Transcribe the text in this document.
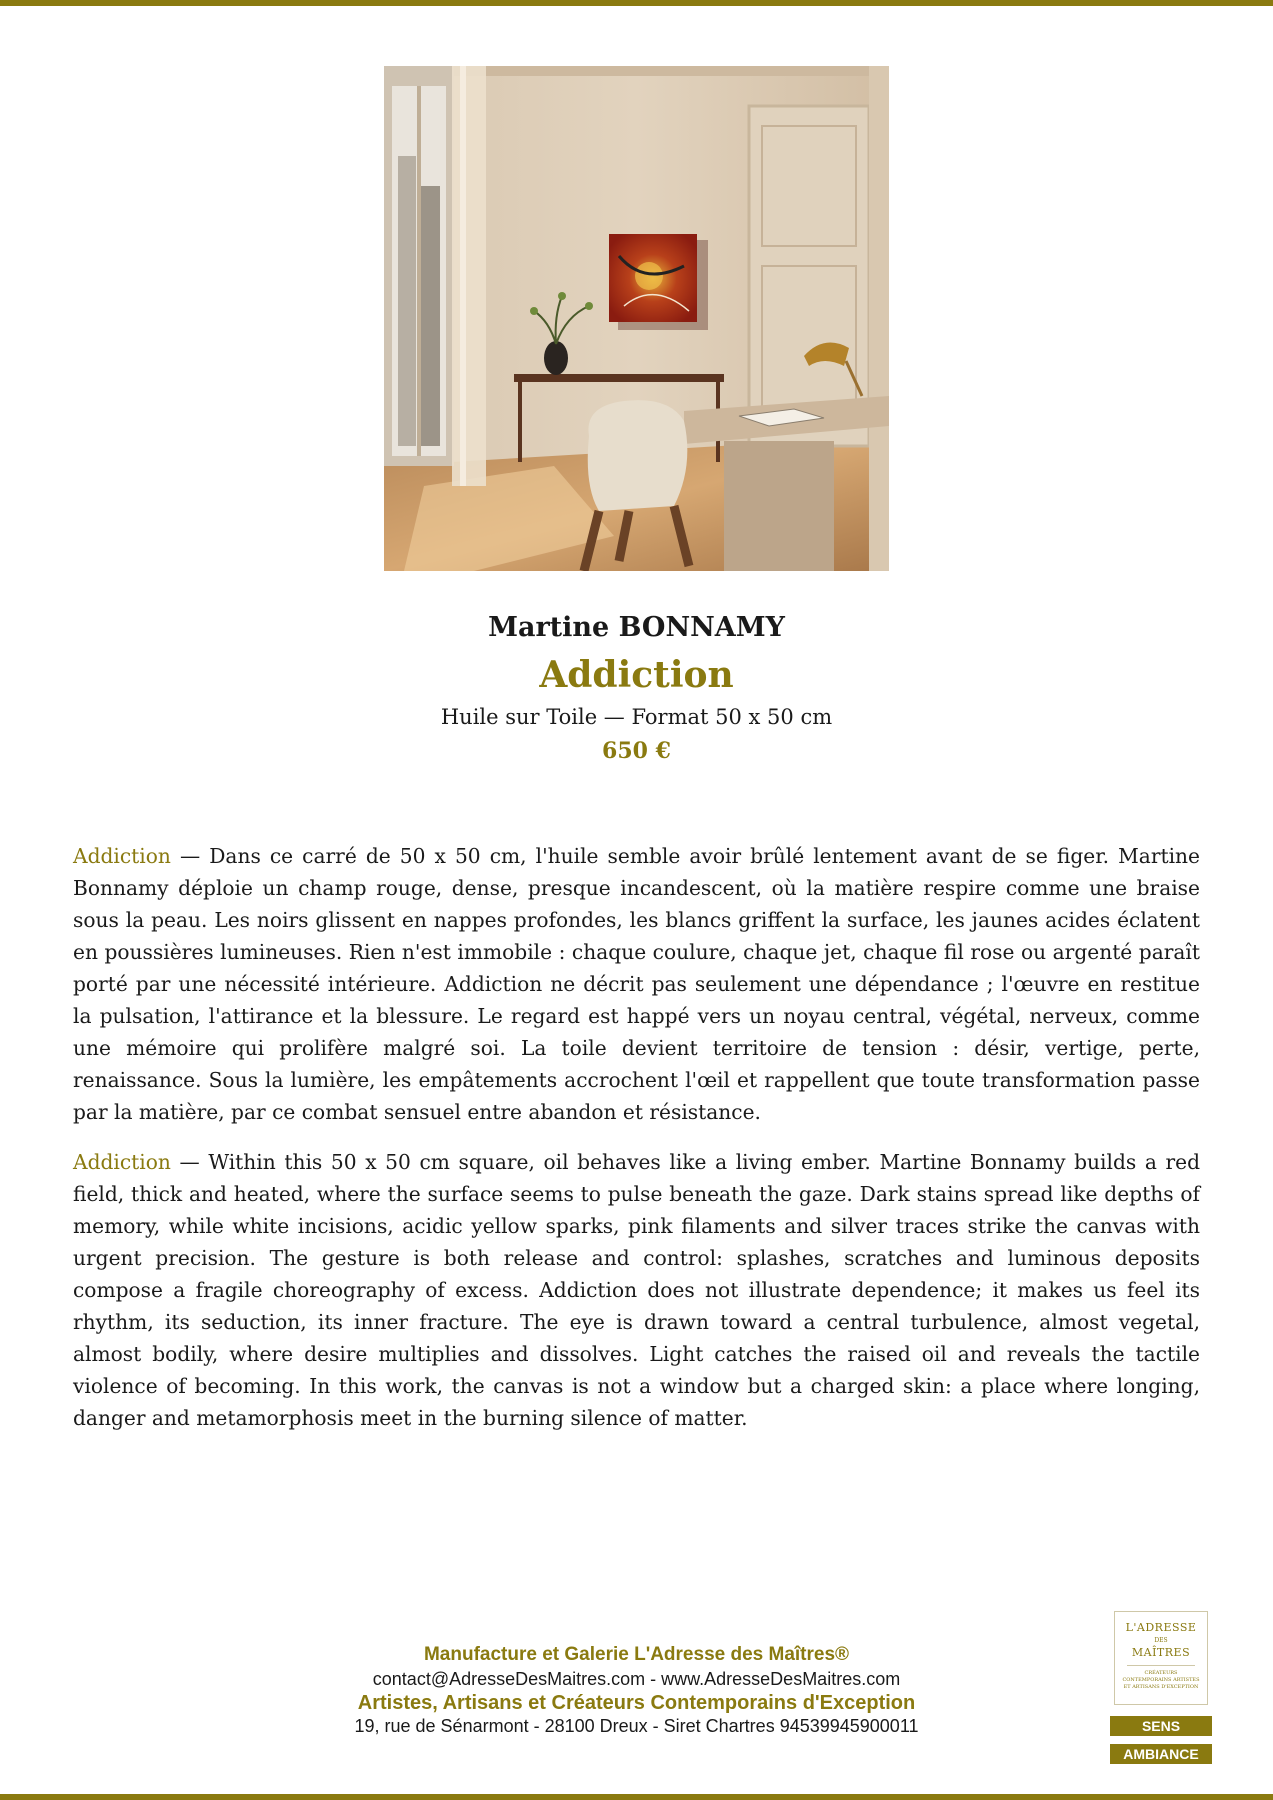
Martine BONNAMY
Addiction
Huile sur Toile — Format 50 x 50 cm
650 €

Addiction — Dans ce carré de 50 x 50 cm, l'huile semble avoir brûlé lentement avant de se figer. Martine Bonnamy déploie un champ rouge, dense, presque incandescent, où la matière respire comme une braise sous la peau. Les noirs glissent en nappes profondes, les blancs griffent la surface, les jaunes acides éclatent en poussières lumineuses. Rien n'est immobile : chaque coulure, chaque jet, chaque fil rose ou argenté paraît porté par une nécessité intérieure. Addiction ne décrit pas seulement une dépendance ; l'œuvre en restitue la pulsation, l'attirance et la blessure. Le regard est happé vers un noyau central, végétal, nerveux, comme une mémoire qui prolifère malgré soi. La toile devient territoire de tension : désir, vertige, perte, renaissance. Sous la lumière, les empâtements accrochent l'œil et rappellent que toute transformation passe par la matière, par ce combat sensuel entre abandon et résistance.

Addiction — Within this 50 x 50 cm square, oil behaves like a living ember. Martine Bonnamy builds a red field, thick and heated, where the surface seems to pulse beneath the gaze. Dark stains spread like depths of memory, while white incisions, acidic yellow sparks, pink filaments and silver traces strike the canvas with urgent precision. The gesture is both release and control: splashes, scratches and luminous deposits compose a fragile choreography of excess. Addiction does not illustrate dependence; it makes us feel its rhythm, its seduction, its inner fracture. The eye is drawn toward a central turbulence, almost vegetal, almost bodily, where desire multiplies and dissolves. Light catches the raised oil and reveals the tactile violence of becoming. In this work, the canvas is not a window but a charged skin: a place where longing, danger and metamorphosis meet in the burning silence of matter.

Manufacture et Galerie L'Adresse des Maîtres®
contact@AdresseDesMaitres.com - www.AdresseDesMaitres.com
Artistes, Artisans et Créateurs Contemporains d'Exception
19, rue de Sénarmont - 28100 Dreux - Siret Chartres 94539945900011
L'ADRESSE
DES
MAÎTRES
CRÉATEURS CONTEMPORAINS ARTISTES ET ARTISANS D'EXCEPTION
SENS
AMBIANCE
